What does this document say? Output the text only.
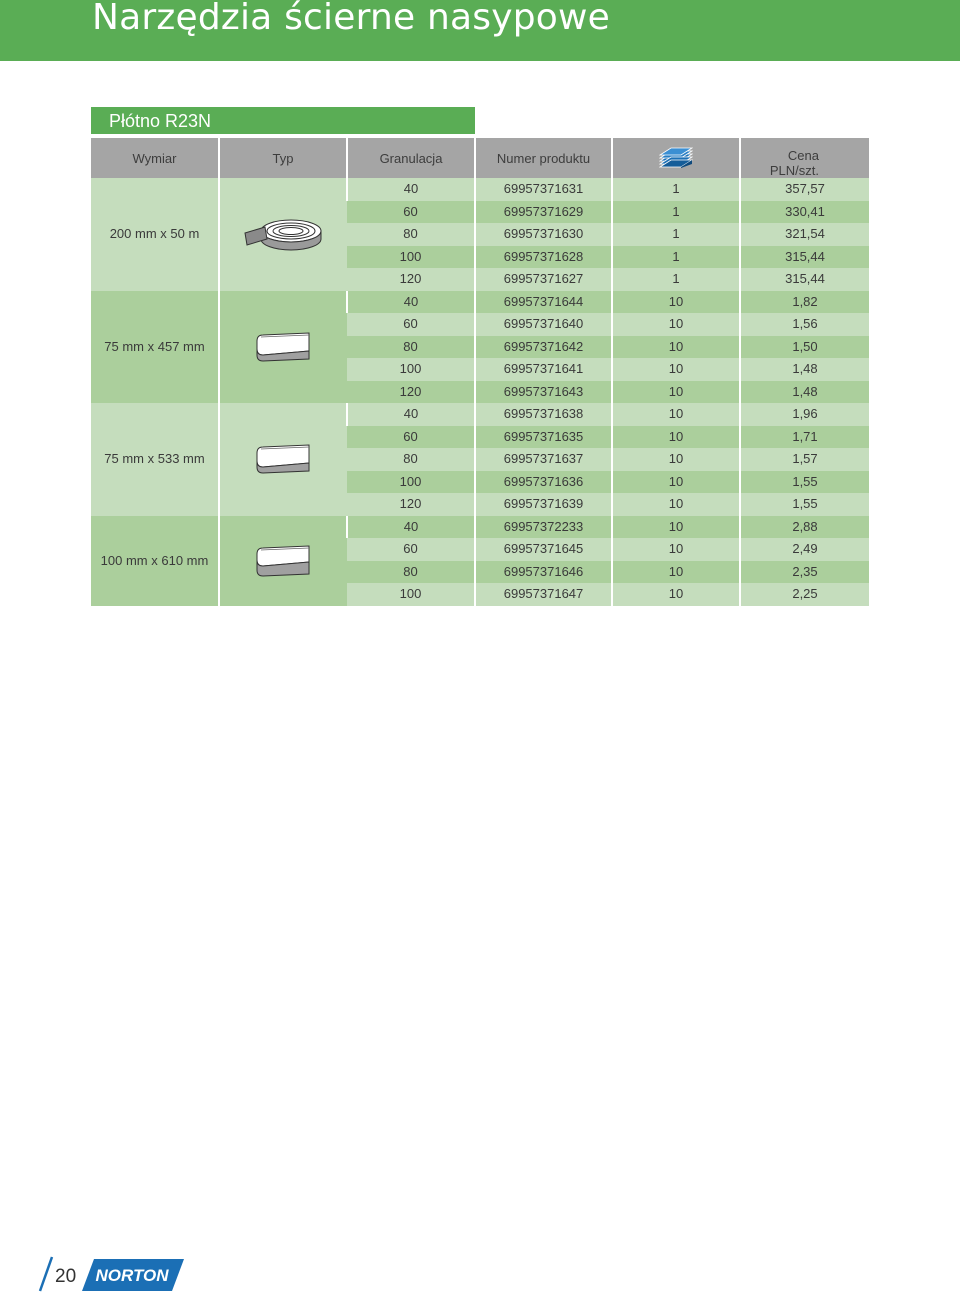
Narzędzia ścierne nasypowe
Płótno R23N
Wymiar	Typ	Granulacja	Numer produktu		Cena
PLN/szt.
200 mm x 50 m		40	69957371631	1	357,57
		60	69957371629	1	330,41
		80	69957371630	1	321,54
		100	69957371628	1	315,44
		120	69957371627	1	315,44
75 mm x 457 mm		40	69957371644	10	1,82
		60	69957371640	10	1,56
		80	69957371642	10	1,50
		100	69957371641	10	1,48
		120	69957371643	10	1,48
75 mm x 533 mm		40	69957371638	10	1,96
		60	69957371635	10	1,71
		80	69957371637	10	1,57
		100	69957371636	10	1,55
		120	69957371639	10	1,55
100 mm x 610 mm		40	69957372233	10	2,88
		60	69957371645	10	2,49
		80	69957371646	10	2,35
		100	69957371647	10	2,25
20 NORTON
